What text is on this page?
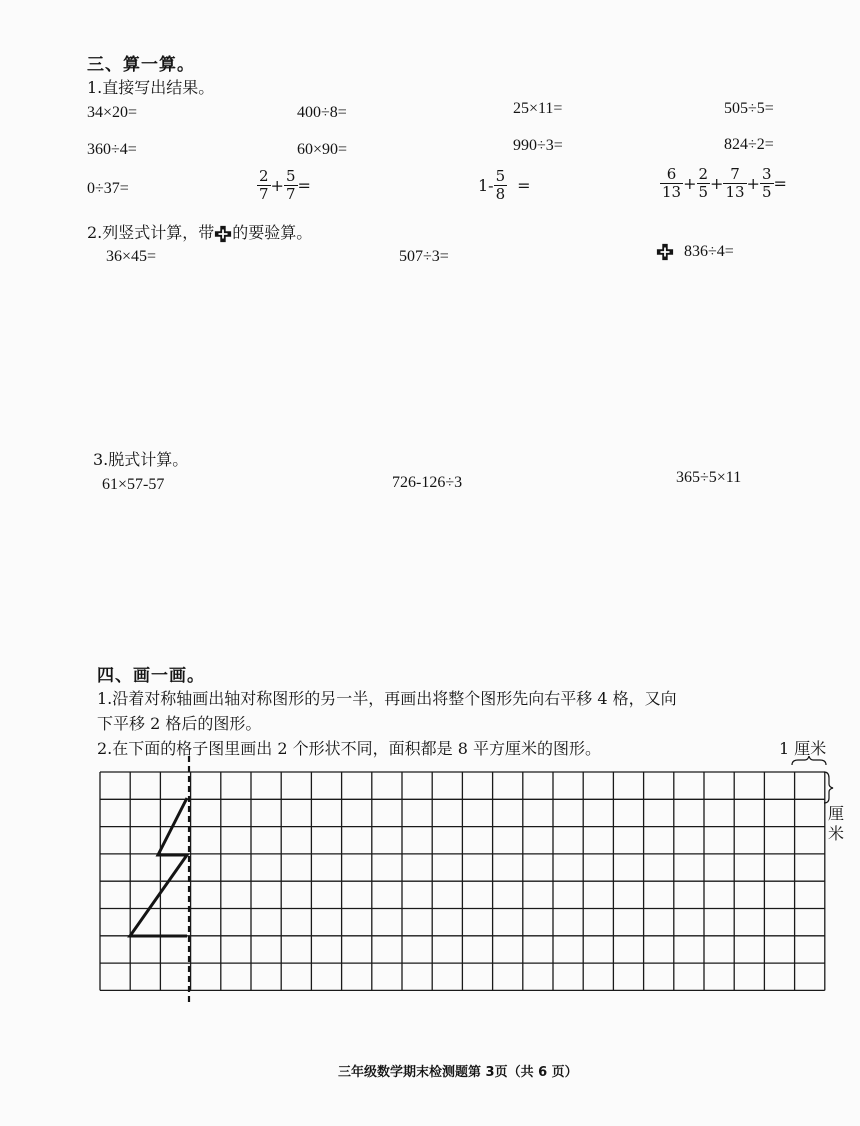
三、算一算。
1.直接写出结果。
34×20=	400÷8=	25×11=	505÷5=
360÷4=	60×90=	990÷3=	824÷2=
0÷37=	$\frac{2}{7} + \frac{5}{7}$ =	$1- \frac{5}{8}$ =	$\frac{6}{13} + \frac{2}{5} + \frac{7}{13} + \frac{3}{5}$ =
2.列竖式计算，带 的要验算。
36×45=	507÷3=	836÷4=
3.脱式计算。
61×57-57	726-126÷3	365÷5×11
四、画一画。
1.沿着对称轴画出轴对称图形的另一半，再画出将整个图形先向右平移 4 格，又向
下平移 2 格后的图形。
2.在下面的格子图里画出 2 个形状不同，面积都是 8 平方厘米的图形。	1 厘米
厘
米
三年级数学期末检测题第 3页（共 6 页）
